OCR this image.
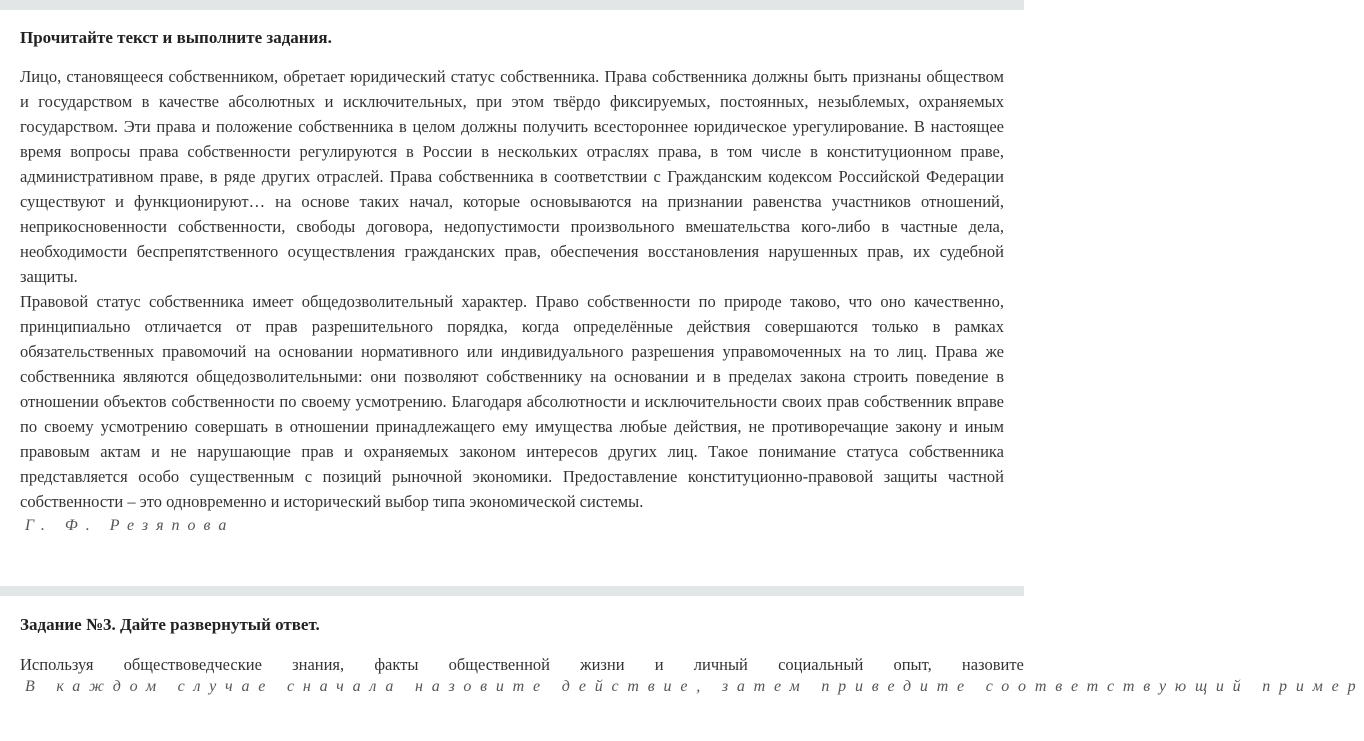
Прочитайте текст и выполните задания.

Лицо, становящееся собственником, обретает юридический статус собственника. Права собственника должны быть признаны обществом и государством в качестве абсолютных и исключительных, при этом твёрдо фиксируемых, постоянных, незыблемых, охраняемых государством. Эти права и положение собственника в целом должны получить всестороннее юридическое урегулирование. В настоящее время вопросы права собственности регулируются в России в нескольких отраслях права, в том числе в конституционном праве, административном праве, в ряде других отраслей. Права собственника в соответствии с Гражданским кодексом Российской Федерации существуют и функционируют… на основе таких начал, которые основываются на признании равенства участников отношений, неприкосновенности собственности, свободы договора, недопустимости произвольного вмешательства кого-либо в частные дела, необходимости беспрепятственного осуществления гражданских прав, обеспечения восстановления нарушенных прав, их судебной защиты.

Правовой статус собственника имеет общедозволительный характер. Право собственности по природе таково, что оно качественно, принципиально отличается от прав разрешительного порядка, когда определённые действия совершаются только в рамках обязательственных правомочий на основании нормативного или индивидуального разрешения управомоченных на то лиц. Права же собственника являются общедозволительными: они позволяют собственнику на основании и в пределах закона строить поведение в отношении объектов собственности по своему усмотрению. Благодаря абсолютности и исключительности своих прав собственник вправе по своему усмотрению совершать в отношении принадлежащего ему имущества любые действия, не противоречащие закону и иным правовым актам и не нарушающие прав и охраняемых законом интересов других лиц. Такое понимание статуса собственника представляется особо существенным с позиций рыночной экономики. Предоставление конституционно-правовой защиты частной собственности – это одновременно и исторический выбор типа экономической системы.

Г. Ф. Резяпова

Задание №3. Дайте развернутый ответ.
Используя обществоведческие знания, факты общественной жизни и личный социальный опыт, назовите

В каждом случае сначала назовите действие, затем приведите соответствующий пример
